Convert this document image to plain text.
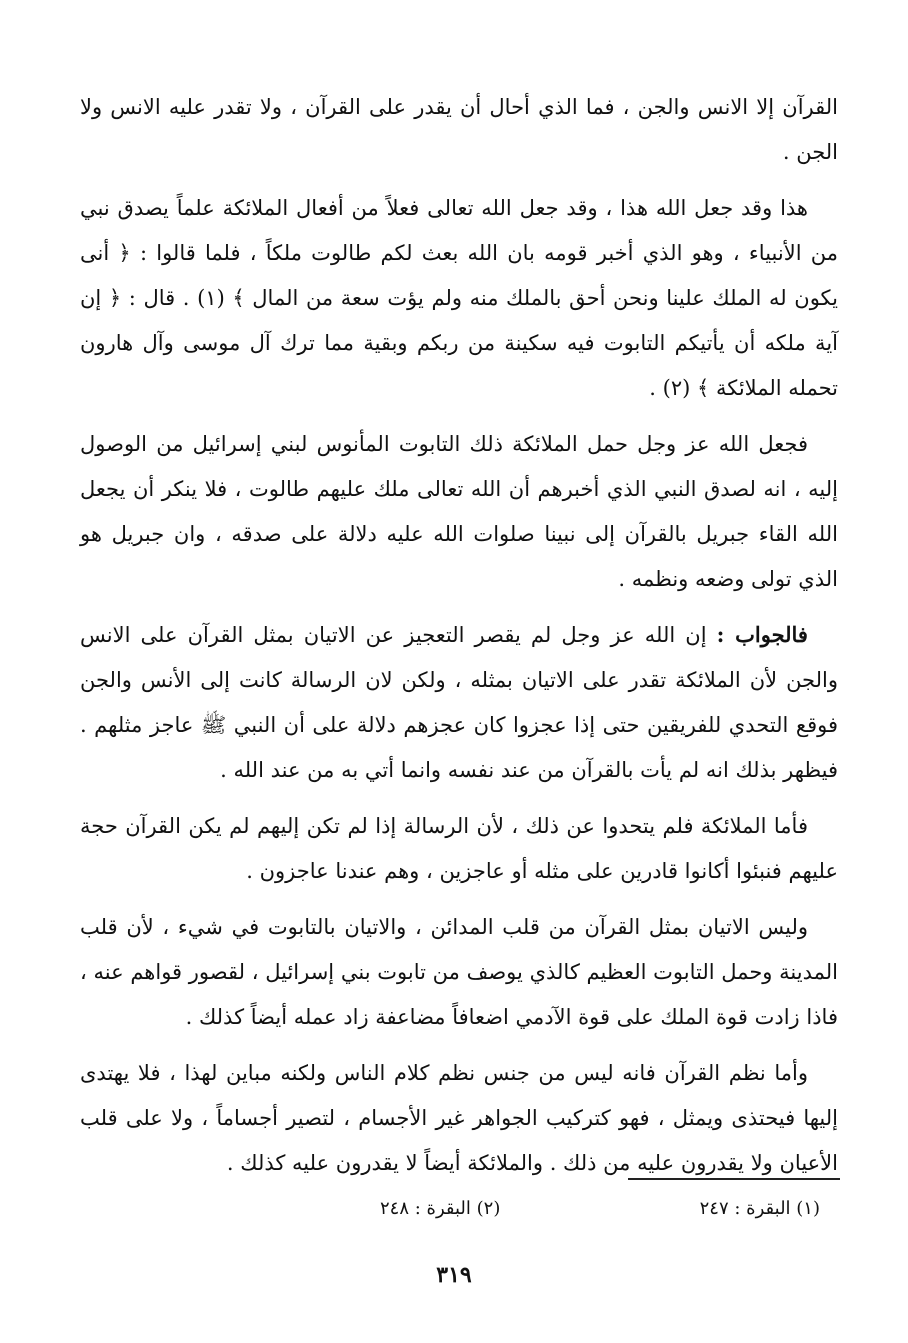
القرآن إلا الانس والجن ، فما الذي أحال أن يقدر على القرآن ، ولا تقدر عليه الانس ولا الجن .

هذا وقد جعل الله هذا ، وقد جعل الله تعالى فعلاً من أفعال الملائكة علماً يصدق نبي من الأنبياء ، وهو الذي أخبر قومه بان الله بعث لكم طالوت ملكاً ، فلما قالوا : ﴿ أنى يكون له الملك علينا ونحن أحق بالملك منه ولم يؤت سعة من المال ﴾ (١) . قال : ﴿ إن آية ملكه أن يأتيكم التابوت فيه سكينة من ربكم وبقية مما ترك آل موسى وآل هارون تحمله الملائكة ﴾ (٢) .

فجعل الله عز وجل حمل الملائكة ذلك التابوت المأنوس لبني إسرائيل من الوصول إليه ، انه لصدق النبي الذي أخبرهم أن الله تعالى ملك عليهم طالوت ، فلا ينكر أن يجعل الله القاء جبريل بالقرآن إلى نبينا صلوات الله عليه دلالة على صدقه ، وان جبريل هو الذي تولى وضعه ونظمه .

فالجواب : إن الله عز وجل لم يقصر التعجيز عن الاتيان بمثل القرآن على الانس والجن لأن الملائكة تقدر على الاتيان بمثله ، ولكن لان الرسالة كانت إلى الأنس والجن فوقع التحدي للفريقين حتى إذا عجزوا كان عجزهم دلالة على أن النبي ﷺ عاجز مثلهم . فيظهر بذلك انه لم يأت بالقرآن من عند نفسه وانما أتي به من عند الله .

فأما الملائكة فلم يتحدوا عن ذلك ، لأن الرسالة إذا لم تكن إليهم لم يكن القرآن حجة عليهم فنبئوا أكانوا قادرين على مثله أو عاجزين ، وهم عندنا عاجزون .

وليس الاتيان بمثل القرآن من قلب المدائن ، والاتيان بالتابوت في شيء ، لأن قلب المدينة وحمل التابوت العظيم كالذي يوصف من تابوت بني إسرائيل ، لقصور قواهم عنه ، فاذا زادت قوة الملك على قوة الآدمي اضعافاً مضاعفة زاد عمله أيضاً كذلك .

وأما نظم القرآن فانه ليس من جنس نظم كلام الناس ولكنه مباين لهذا ، فلا يهتدى إليها فيحتذى ويمثل ، فهو كتركيب الجواهر غير الأجسام ، لتصير أجساماً ، ولا على قلب الأعيان ولا يقدرون عليه من ذلك . والملائكة أيضاً لا يقدرون عليه كذلك .

(١) البقرة : ٢٤٧
(٢) البقرة : ٢٤٨
٣١٩
